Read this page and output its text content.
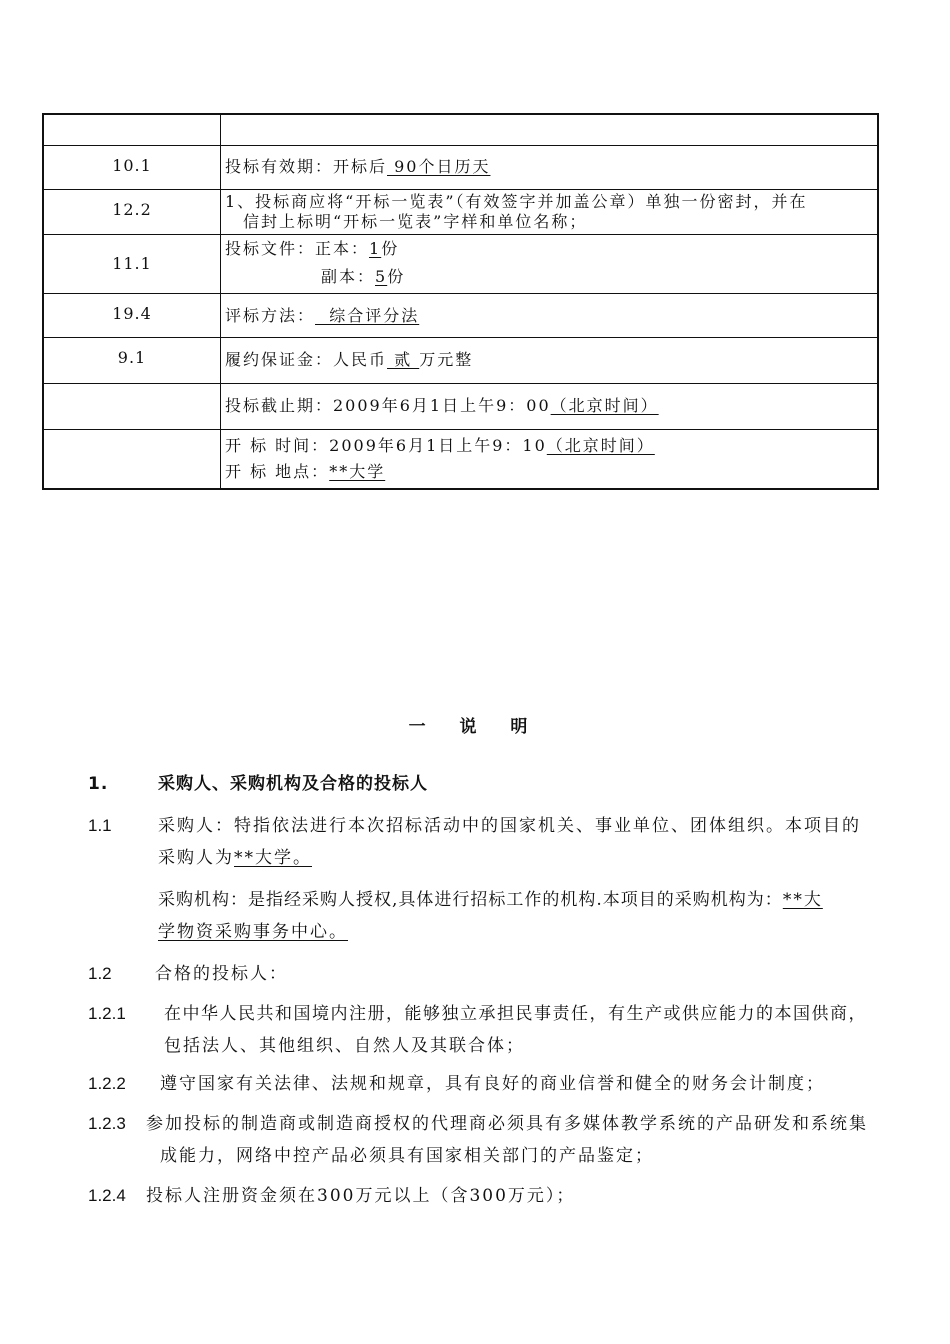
10.1	投标有效期：开标后 90个日历天
12.2	1、投标商应将“开标一览表”（有效签字并加盖公章）单独一份密封，并在
信封上标明“开标一览表”字样和单位名称；

11.1	投标文件：正本：1份
副本：5份

19.4	评标方法：  综合评分法
9.1	履约保证金：人民币 贰 万元整
	投标截止期：2009年6月1日上午9：00（北京时间）

	开 标 时间：2009年6月1日上午9：10（北京时间）
开 标 地点：**大学
一 说 明
1.	采购人、采购机构及合格的投标人
1.1	采购人：特指依法进行本次招标活动中的国家机关、事业单位、团体组织。本项目的
采购人为**大学。
采购机构：是指经采购人授权,具体进行招标工作的机构.本项目的采购机构为：**大
学物资采购事务中心。
1.2	合格的投标人：
1.2.1 在中华人民共和国境内注册，能够独立承担民事责任，有生产或供应能力的本国供商，
包括法人、其他组织、自然人及其联合体；
1.2.2 遵守国家有关法律、法规和规章，具有良好的商业信誉和健全的财务会计制度；
1.2.3 参加投标的制造商或制造商授权的代理商必须具有多媒体教学系统的产品研发和系统集
成能力，网络中控产品必须具有国家相关部门的产品鉴定；
1.2.4 投标人注册资金须在300万元以上（含300万元）；
